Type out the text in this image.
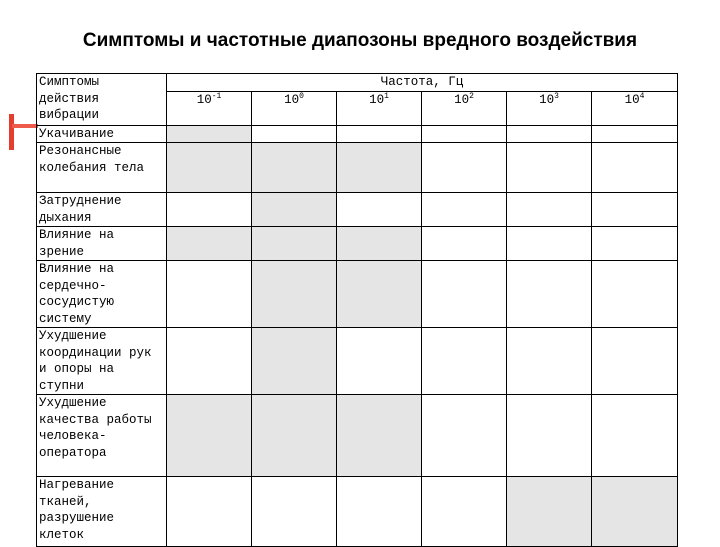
Симптомы и частотные диапозоны вредного воздействия
Симптомы действия вибрации	Частота, Гц					
	$10^{-1}$	$10^0$	$10^1$	$10^2$	$10^3$	$10^4$
Укачивание						
Резонансные колебания тела						
Затруднение дыхания						
Влияние на зрение						
Влияние на сердечно-сосудистую систему						
Ухудшение координации рук и опоры на ступни						
Ухудшение качества работы человека-оператора						
Нагревание тканей, разрушение клеток						
